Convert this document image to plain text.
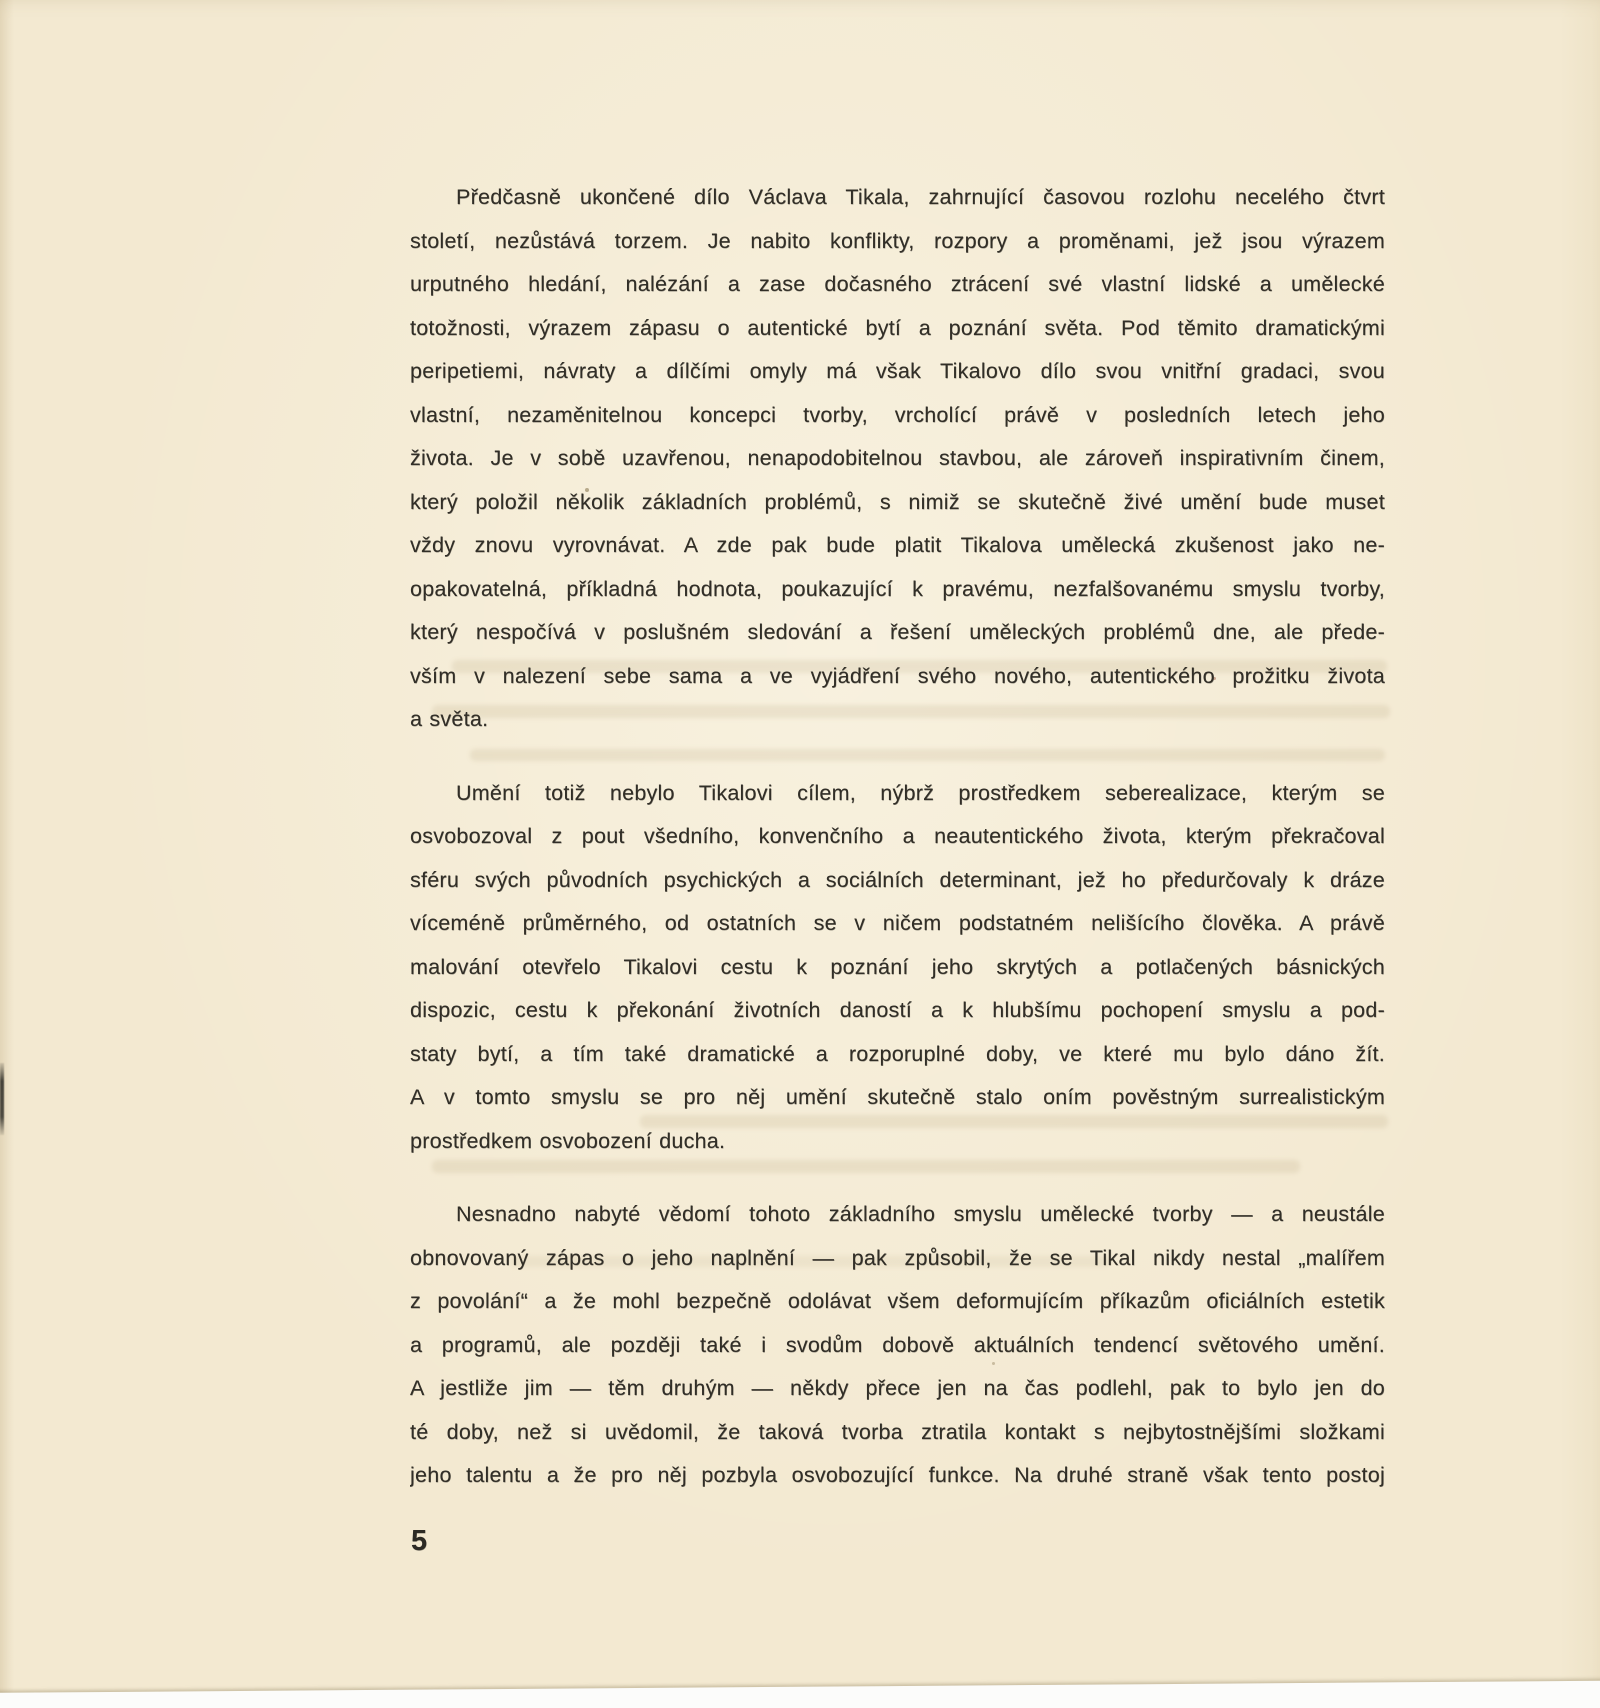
Předčasně ukončené dílo Václava Tikala, zahrnující časovou rozlohu necelého čtvrt
století, nezůstává torzem. Je nabito konflikty, rozpory a proměnami, jež jsou výrazem
urputného hledání, nalézání a zase dočasného ztrácení své vlastní lidské a umělecké
totožnosti, výrazem zápasu o autentické bytí a poznání světa. Pod těmito dramatickými
peripetiemi, návraty a dílčími omyly má však Tikalovo dílo svou vnitřní gradaci, svou
vlastní, nezaměnitelnou koncepci tvorby, vrcholící právě v posledních letech jeho
života. Je v sobě uzavřenou, nenapodobitelnou stavbou, ale zároveň inspirativním činem,
který položil několik základních problémů, s nimiž se skutečně živé umění bude muset
vždy znovu vyrovnávat. A zde pak bude platit Tikalova umělecká zkušenost jako ne-
opakovatelná, příkladná hodnota, poukazující k pravému, nezfalšovanému smyslu tvorby,
který nespočívá v poslušném sledování a řešení uměleckých problémů dne, ale přede-
vším v nalezení sebe sama a ve vyjádření svého nového, autentického prožitku života
a světa.
Umění totiž nebylo Tikalovi cílem, nýbrž prostředkem seberealizace, kterým se
osvobozoval z pout všedního, konvenčního a neautentického života, kterým překračoval
sféru svých původních psychických a sociálních determinant, jež ho předurčovaly k dráze
víceméně průměrného, od ostatních se v ničem podstatném nelišícího člověka. A právě
malování otevřelo Tikalovi cestu k poznání jeho skrytých a potlačených básnických
dispozic, cestu k překonání životních daností a k hlubšímu pochopení smyslu a pod-
staty bytí, a tím také dramatické a rozporuplné doby, ve které mu bylo dáno žít.
A v tomto smyslu se pro něj umění skutečně stalo oním pověstným surrealistickým
prostředkem osvobození ducha.
Nesnadno nabyté vědomí tohoto základního smyslu umělecké tvorby — a neustále
obnovovaný zápas o jeho naplnění — pak způsobil, že se Tikal nikdy nestal „malířem
z povolání“ a že mohl bezpečně odolávat všem deformujícím příkazům oficiálních estetik
a programů, ale později také i svodům dobově aktuálních tendencí světového umění.
A jestliže jim — těm druhým — někdy přece jen na čas podlehl, pak to bylo jen do
té doby, než si uvědomil, že taková tvorba ztratila kontakt s nejbytostnějšími složkami
jeho talentu a že pro něj pozbyla osvobozující funkce. Na druhé straně však tento postoj
5
